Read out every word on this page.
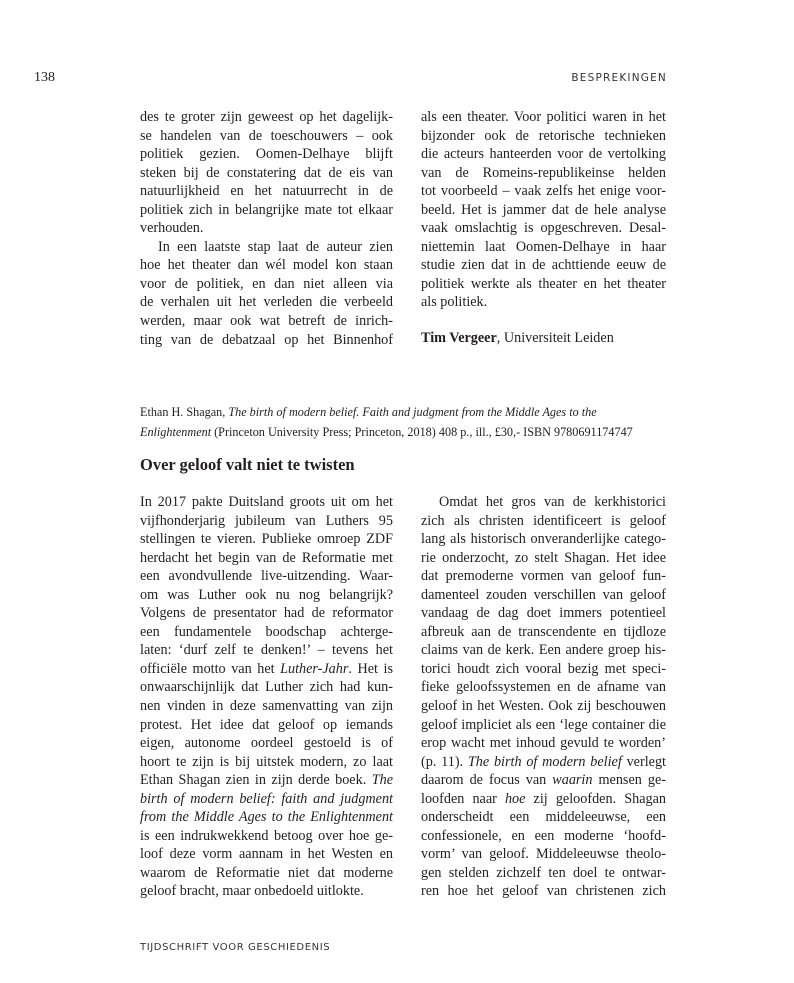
138	BESPREKINGEN
des te groter zijn geweest op het dagelijk-
se handelen van de toeschouwers – ook
politiek gezien. Oomen-Delhaye blijft
steken bij de constatering dat de eis van
natuurlijkheid en het natuurrecht in de
politiek zich in belangrijke mate tot elkaar
verhouden.
In een laatste stap laat de auteur zien
hoe het theater dan wél model kon staan
voor de politiek, en dan niet alleen via
de verhalen uit het verleden die verbeeld
werden, maar ook wat betreft de inrich-
ting van de debatzaal op het Binnenhof
als een theater. Voor politici waren in het
bijzonder ook de retorische technieken
die acteurs hanteerden voor de vertolking
van de Romeins-republikeinse helden
tot voorbeeld – vaak zelfs het enige voor-
beeld. Het is jammer dat de hele analyse
vaak omslachtig is opgeschreven. Desal-
niettemin laat Oomen-Delhaye in haar
studie zien dat in de achttiende eeuw de
politiek werkte als theater en het theater
als politiek.
Tim Vergeer, Universiteit Leiden
Ethan H. Shagan, The birth of modern belief. Faith and judgment from the Middle Ages to the
Enlightenment (Princeton University Press; Princeton, 2018) 408 p., ill., £30,- ISBN 9780691174747
Over geloof valt niet te twisten
In 2017 pakte Duitsland groots uit om het
vijfhonderjarig jubileum van Luthers 95
stellingen te vieren. Publieke omroep ZDF
herdacht het begin van de Reformatie met
een avondvullende live-uitzending. Waar-
om was Luther ook nu nog belangrijk?
Volgens de presentator had de reformator
een fundamentele boodschap achterge-
laten: ‘durf zelf te denken!’ – tevens het
officiële motto van het Luther-Jahr. Het is
onwaarschijnlijk dat Luther zich had kun-
nen vinden in deze samenvatting van zijn
protest. Het idee dat geloof op iemands
eigen, autonome oordeel gestoeld is of
hoort te zijn is bij uitstek modern, zo laat
Ethan Shagan zien in zijn derde boek. The
birth of modern belief: faith and judgment
from the Middle Ages to the Enlightenment
is een indrukwekkend betoog over hoe ge-
loof deze vorm aannam in het Westen en
waarom de Reformatie niet dat moderne
geloof bracht, maar onbedoeld uitlokte.
Omdat het gros van de kerkhistorici
zich als christen identificeert is geloof
lang als historisch onveranderlijke catego-
rie onderzocht, zo stelt Shagan. Het idee
dat premoderne vormen van geloof fun-
damenteel zouden verschillen van geloof
vandaag de dag doet immers potentieel
afbreuk aan de transcendente en tijdloze
claims van de kerk. Een andere groep his-
torici houdt zich vooral bezig met speci-
fieke geloofssystemen en de afname van
geloof in het Westen. Ook zij beschouwen
geloof impliciet als een ‘lege container die
erop wacht met inhoud gevuld te worden’
(p. 11). The birth of modern belief verlegt
daarom de focus van waarin mensen ge-
loofden naar hoe zij geloofden. Shagan
onderscheidt een middeleeuwse, een
confessionele, en een moderne ‘hoofd-
vorm’ van geloof. Middeleeuwse theolo-
gen stelden zichzelf ten doel te ontwar-
ren hoe het geloof van christenen zich
TIJDSCHRIFT VOOR GESCHIEDENIS
